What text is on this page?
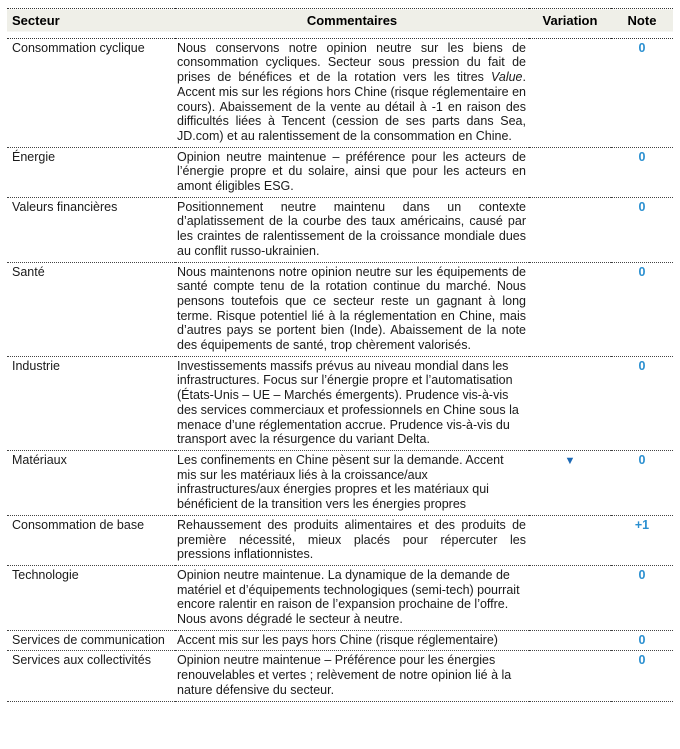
Secteur	Commentaires	Variation	Note
Consommation cyclique	Nous conservons notre opinion neutre sur les biens de consommation cycliques. Secteur sous pression du fait de prises de bénéfices et de la rotation vers les titres Value. Accent mis sur les régions hors Chine (risque réglementaire en cours). Abaissement de la vente au détail à -1 en raison des difficultés liées à Tencent (cession de ses parts dans Sea, JD.com) et au ralentissement de la consommation en Chine.		0
Énergie	Opinion neutre maintenue – préférence pour les acteurs de l’énergie propre et du solaire, ainsi que pour les acteurs en amont éligibles ESG.		0
Valeurs financières	Positionnement neutre maintenu dans un contexte d’aplatissement de la courbe des taux américains, causé par les craintes de ralentissement de la croissance mondiale dues au conflit russo-ukrainien.		0
Santé	Nous maintenons notre opinion neutre sur les équipements de santé compte tenu de la rotation continue du marché. Nous pensons toutefois que ce secteur reste un gagnant à long terme. Risque potentiel lié à la réglementation en Chine, mais d’autres pays se portent bien (Inde). Abaissement de la note des équipements de santé, trop chèrement valorisés.		0
Industrie	Investissements massifs prévus au niveau mondial dans les infrastructures. Focus sur l’énergie propre et l’automatisation (États-Unis – UE – Marchés émergents). Prudence vis-à-vis des services commerciaux et professionnels en Chine sous la menace d’une réglementation accrue. Prudence vis-à-vis du transport avec la résurgence du variant Delta.		0
Matériaux	Les confinements en Chine pèsent sur la demande. Accent mis sur les matériaux liés à la croissance/aux infrastructures/aux énergies propres et les matériaux qui bénéficient de la transition vers les énergies propres	▼	0
Consommation de base	Rehaussement des produits alimentaires et des produits de première nécessité, mieux placés pour répercuter les pressions inflationnistes.		+1
Technologie	Opinion neutre maintenue. La dynamique de la demande de matériel et d’équipements technologiques (semi-tech) pourrait encore ralentir en raison de l’expansion prochaine de l’offre. Nous avons dégradé le secteur à neutre.		0
Services de communication	Accent mis sur les pays hors Chine (risque réglementaire)		0
Services aux collectivités	Opinion neutre maintenue – Préférence pour les énergies renouvelables et vertes ; relèvement de notre opinion lié à la nature défensive du secteur.		0
